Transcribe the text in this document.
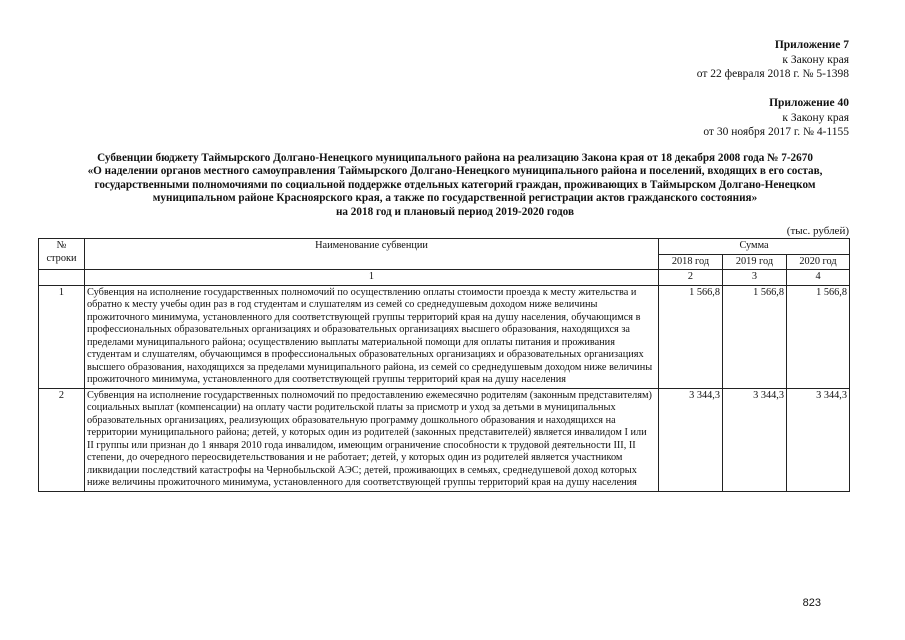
Приложение 7
к Закону края
от 22 февраля 2018 г. № 5-1398
Приложение 40
к Закону края
от 30 ноября 2017 г. № 4-1155
Субвенции бюджету Таймырского Долгано-Ненецкого муниципального района на реализацию Закона края от 18 декабря 2008 года № 7-2670
«О наделении органов местного самоуправления Таймырского Долгано-Ненецкого муниципального района и поселений, входящих в его состав,
государственными полномочиями по социальной поддержке отдельных категорий граждан, проживающих в Таймырском Долгано-Ненецком
муниципальном районе Красноярского края, а также по государственной регистрации актов гражданского состояния»
на 2018 год и плановый период 2019-2020 годов
(тыс. рублей)
№
строки	Наименование субвенции	Сумма		
		2018 год	2019 год	2020 год
	1	2	3	4
1	Субвенция на исполнение государственных полномочий по осуществлению оплаты стоимости проезда к месту жительства и обратно к месту учебы один раз в год студентам и слушателям из семей со среднедушевым доходом ниже величины прожиточного минимума, установленного для соответствующей группы территорий края на душу населения, обучающимся в профессиональных образовательных организациях и образовательных организациях высшего образования, находящихся за пределами муниципального района; осуществлению выплаты материальной помощи для оплаты питания и проживания студентам и слушателям, обучающимся в профессиональных образовательных организациях и образовательных организациях высшего образования, находящихся за пределами муниципального района, из семей со среднедушевым доходом ниже величины прожиточного минимума, установленного для соответствующей группы территорий края на душу населения	1 566,8	1 566,8	1 566,8
2	Субвенция на исполнение государственных полномочий по предоставлению ежемесячно родителям (законным представителям) социальных выплат (компенсации) на оплату части родительской платы за присмотр и уход за детьми в муниципальных образовательных организациях, реализующих образовательную программу дошкольного образования и находящихся на территории муниципального района; детей, у которых один из родителей (законных представителей) является инвалидом I или II группы или признан до 1 января 2010 года инвалидом, имеющим ограничение способности к трудовой деятельности III, II степени, до очередного переосвидетельствования и не работает; детей, у которых один из родителей является участником ликвидации последствий катастрофы на Чернобыльской АЭС; детей, проживающих в семьях, среднедушевой доход которых ниже величины прожиточного минимума, установленного для соответствующей группы территорий края на душу населения	3 344,3	3 344,3	3 344,3
823
